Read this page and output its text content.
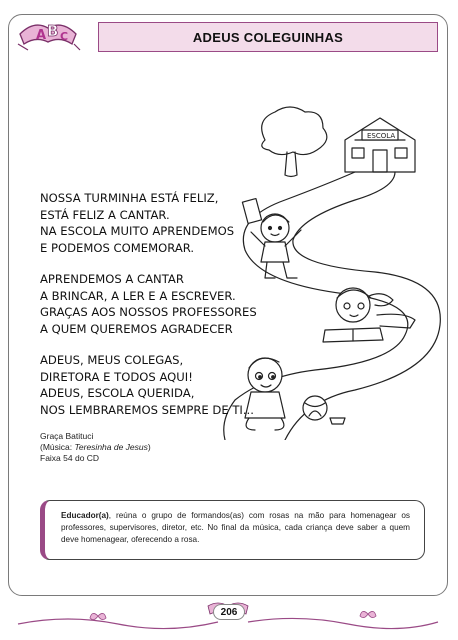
A B C	ADEUS COLEGUINHAS
ESCOLA
NOSSA TURMINHA ESTÁ FELIZ,
ESTÁ FELIZ A CANTAR.
NA ESCOLA MUITO APRENDEMOS
E PODEMOS COMEMORAR.
APRENDEMOS A CANTAR
A BRINCAR, A LER E A ESCREVER.
GRAÇAS AOS NOSSOS PROFESSORES
A QUEM QUEREMOS AGRADECER
ADEUS, MEUS COLEGAS,
DIRETORA E TODOS AQUI!
ADEUS, ESCOLA QUERIDA,
NOS LEMBRAREMOS SEMPRE DE TI...
Graça Batituci
(Música: Teresinha de Jesus)
Faixa 54 do CD
Educador(a), reúna o grupo de formandos(as) com rosas na mão para homenagear os professores, supervisores, diretor, etc. No final da música, cada criança deve saber a quem deve homenagear, oferecendo a rosa.
206
